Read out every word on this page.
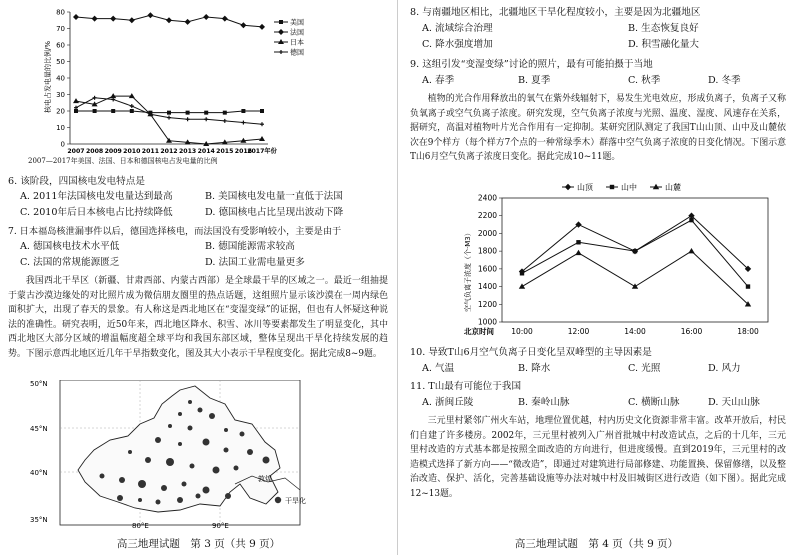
0
10
20
30
40
50
60
70
80
2007 2008 2009 2010 2011 2012 2013 2014 2015 2016
2017年份
核电占发电量的比例/%
美国
法国
日本
德国
2007—2017年美国、法国、日本和德国核电占发电量的比例
6. 该阶段，四国核电发电特点是
A. 2011年法国核电发电量达到最高	B. 美国核电发电量一直低于法国
C. 2010年后日本核电占比持续降低	D. 德国核电占比呈现出波动下降
7. 日本福岛核泄漏事件以后，德国选择核电，而法国没有受影响较小，主要是由于
A. 德国核电技术水平低	B. 德国能源需求较高
C. 法国的常规能源匮乏	D. 法国工业需电量更多
我国西北干旱区（新疆、甘肃西部、内蒙古西部）是全球最干旱的区域之一。最近一组抽提于蒙古沙漠边缘处的对比照片成为微信朋友圈里的热点话题，这组照片显示该沙漠在一周内绿色面积扩大，出现了春天的景象。有人称这是西北地区在“变湿变绿”的证据，但也有人怀疑这种说法的准确性。研究表明，近50年来，西北地区降水、积雪、冰川等要素都发生了明显变化，其中西北地区大部分区域的增温幅度超全球平均和我国东部区域，整体呈现出干旱化持续发展的趋势。下图示意西北地区近几年干旱指数变化，图及其大小表示干旱程度变化。据此完成8~9题。
50°N
45°N
40°N
35°N
80°E	90°E
敦煌
干旱化
高三地理试题　第 3 页（共 9 页）
8. 与南疆地区相比，北疆地区干旱化程度较小，主要是因为北疆地区
A. 流域综合治理	B. 生态恢复良好
C. 降水强度增加	D. 积雪融化量大
9. 这组引发“变湿变绿”讨论的照片，最有可能拍摄于当地
A. 春季	B. 夏季	C. 秋季	D. 冬季
植物的光合作用释放出的氧气在紫外线辐射下，易发生光电效应，形成负离子，负离子又称负氧离子或空气负离子浓度。研究发现，空气负离子浓度与光照、温度、湿度、风速存在关系，据研究，高温对植物叶片光合作用有一定抑制。某研究团队测定了我国T山山顶、山中及山麓依次在9个样方（每个样方7个点的一种常绿季木）群落中空气负离子浓度的日变化情况。下图示意T山6月空气负离子浓度日变化。据此完成10~11题。
1000
1200
1400
1600
1800
2000
2200
2400
10:00	12:00	14:00	16:00	18:00
北京时间
空气负离子浓度（个·M3）
山顶	山中	山麓
10. 导致T山6月空气负离子日变化呈双峰型的主导因素是
A. 气温	B. 降水	C. 光照	D. 风力
11. T山最有可能位于我国
A. 浙闽丘陵	B. 秦岭山脉	C. 横断山脉	D. 天山山脉
三元里村紧邻广州火车站，地理位置优越，村内历史文化资源非常丰富。改革开放后，村民们自建了许多楼房。2002年，三元里村被列入广州首批城中村改造试点，之后的十几年，三元里村改造的方式基本都是按照全面改造的方向进行，但进度缓慢。直到2019年，三元里村的改造模式选择了新方向——“微改造”，即通过对建筑进行局部修建、功能置换、保留修缮，以及整治改造、保护、活化，完善基础设施等办法对城中村及旧城街区进行改造（如下图）。据此完成12~13题。
高三地理试题　第 4 页（共 9 页）
